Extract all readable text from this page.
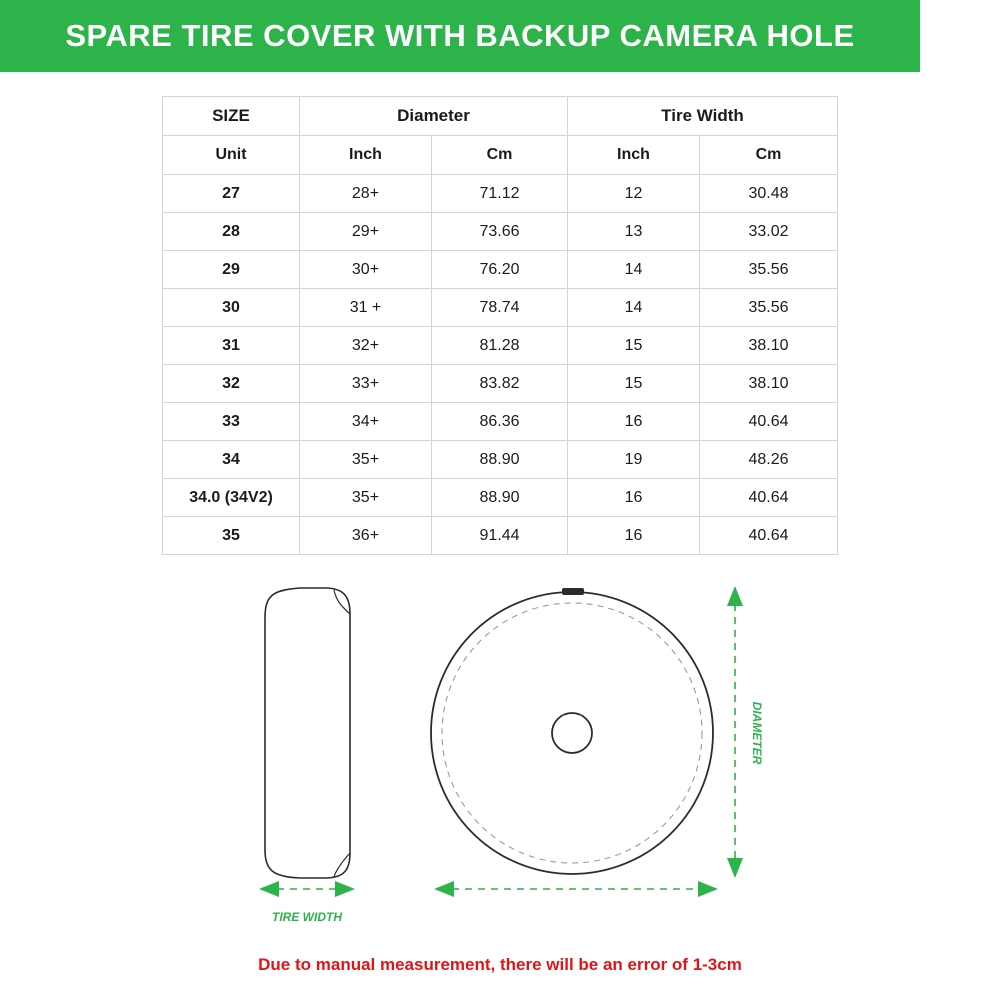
SPARE TIRE COVER WITH BACKUP CAMERA HOLE
SIZE	Diameter		Tire Width	
Unit	Inch	Cm	Inch	Cm
27	28+	71.12	12	30.48
28	29+	73.66	13	33.02
29	30+	76.20	14	35.56
30	31 +	78.74	14	35.56
31	32+	81.28	15	38.10
32	33+	83.82	15	38.10
33	34+	86.36	16	40.64
34	35+	88.90	19	48.26
34.0 (34V2)	35+	88.90	16	40.64
35	36+	91.44	16	40.64
DIAMETER
TIRE WIDTH
Due to manual measurement, there will be an error of 1-3cm
